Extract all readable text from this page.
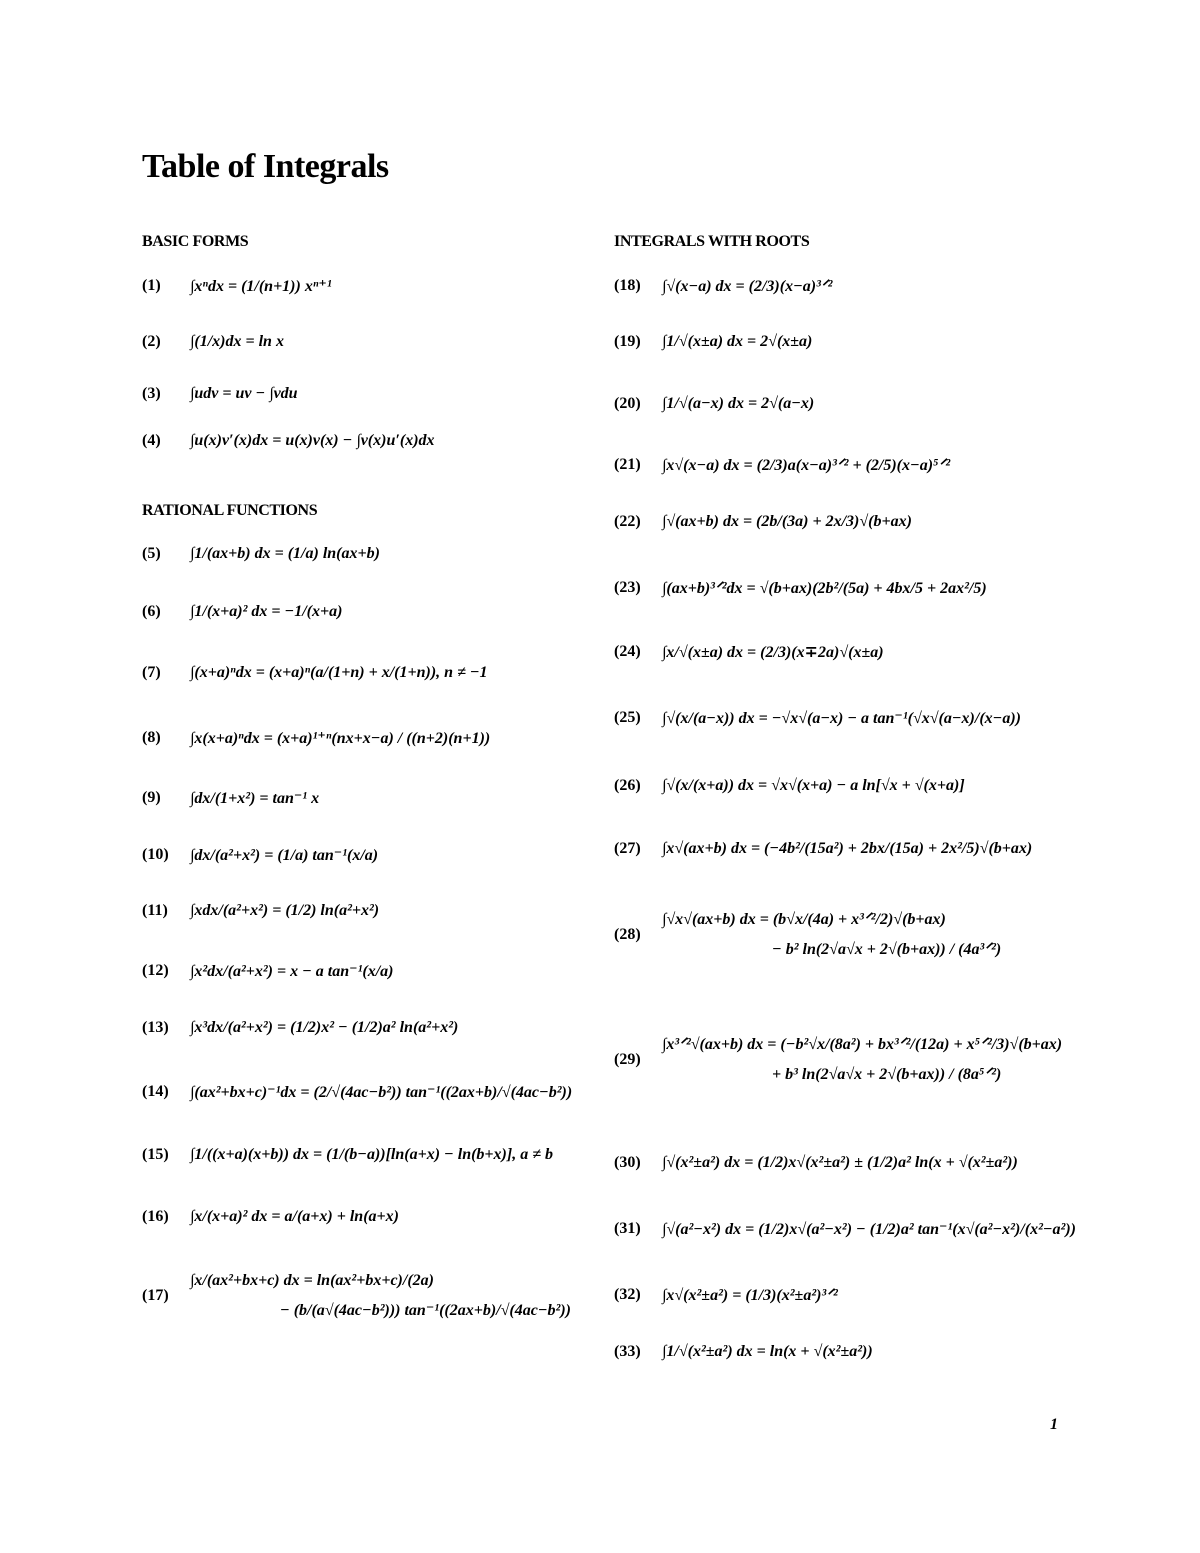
Table of Integrals
BASIC FORMS	INTEGRALS WITH ROOTS
RATIONAL FUNCTIONS
(1)	∫xⁿdx = (1/(n+1)) xⁿ⁺¹
(2)	∫(1/x)dx = ln x
(3)	∫udv = uv − ∫vdu
(4)	∫u(x)v′(x)dx = u(x)v(x) − ∫v(x)u′(x)dx
(5)	∫1/(ax+b) dx = (1/a) ln(ax+b)
(6)	∫1/(x+a)² dx = −1/(x+a)
(7)	∫(x+a)ⁿdx = (x+a)ⁿ(a/(1+n) + x/(1+n)), n ≠ −1
(8)	∫x(x+a)ⁿdx = (x+a)¹⁺ⁿ(nx+x−a) / ((n+2)(n+1))
(9)	∫dx/(1+x²) = tan⁻¹ x
(10)	∫dx/(a²+x²) = (1/a) tan⁻¹(x/a)
(11)	∫xdx/(a²+x²) = (1/2) ln(a²+x²)
(12)	∫x²dx/(a²+x²) = x − a tan⁻¹(x/a)
(13)	∫x³dx/(a²+x²) = (1/2)x² − (1/2)a² ln(a²+x²)
(14)	∫(ax²+bx+c)⁻¹dx = (2/√(4ac−b²)) tan⁻¹((2ax+b)/√(4ac−b²))
(15)	∫1/((x+a)(x+b)) dx = (1/(b−a))[ln(a+x) − ln(b+x)], a ≠ b
(16)	∫x/(x+a)² dx = a/(a+x) + ln(a+x)
(17)
∫x/(ax²+bx+c) dx = ln(ax²+bx+c)/(2a)
− (b/(a√(4ac−b²))) tan⁻¹((2ax+b)/√(4ac−b²))
(18)	∫√(x−a) dx = (2/3)(x−a)³ᐟ²
(19)	∫1/√(x±a) dx = 2√(x±a)
(20)	∫1/√(a−x) dx = 2√(a−x)
(21)	∫x√(x−a) dx = (2/3)a(x−a)³ᐟ² + (2/5)(x−a)⁵ᐟ²
(22)	∫√(ax+b) dx = (2b/(3a) + 2x/3)√(b+ax)
(23)	∫(ax+b)³ᐟ²dx = √(b+ax)(2b²/(5a) + 4bx/5 + 2ax²/5)
(24)	∫x/√(x±a) dx = (2/3)(x∓2a)√(x±a)
(25)	∫√(x/(a−x)) dx = −√x√(a−x) − a tan⁻¹(√x√(a−x)/(x−a))
(26)	∫√(x/(x+a)) dx = √x√(x+a) − a ln[√x + √(x+a)]
(27)	∫x√(ax+b) dx = (−4b²/(15a²) + 2bx/(15a) + 2x²/5)√(b+ax)
(28)
∫√x√(ax+b) dx = (b√x/(4a) + x³ᐟ²/2)√(b+ax)
− b² ln(2√a√x + 2√(b+ax)) / (4a³ᐟ²)
(29)
∫x³ᐟ²√(ax+b) dx = (−b²√x/(8a²) + bx³ᐟ²/(12a) + x⁵ᐟ²/3)√(b+ax)
+ b³ ln(2√a√x + 2√(b+ax)) / (8a⁵ᐟ²)
(30)	∫√(x²±a²) dx = (1/2)x√(x²±a²) ± (1/2)a² ln(x + √(x²±a²))
(31)	∫√(a²−x²) dx = (1/2)x√(a²−x²) − (1/2)a² tan⁻¹(x√(a²−x²)/(x²−a²))
(32)	∫x√(x²±a²) = (1/3)(x²±a²)³ᐟ²
(33)	∫1/√(x²±a²) dx = ln(x + √(x²±a²))
1
